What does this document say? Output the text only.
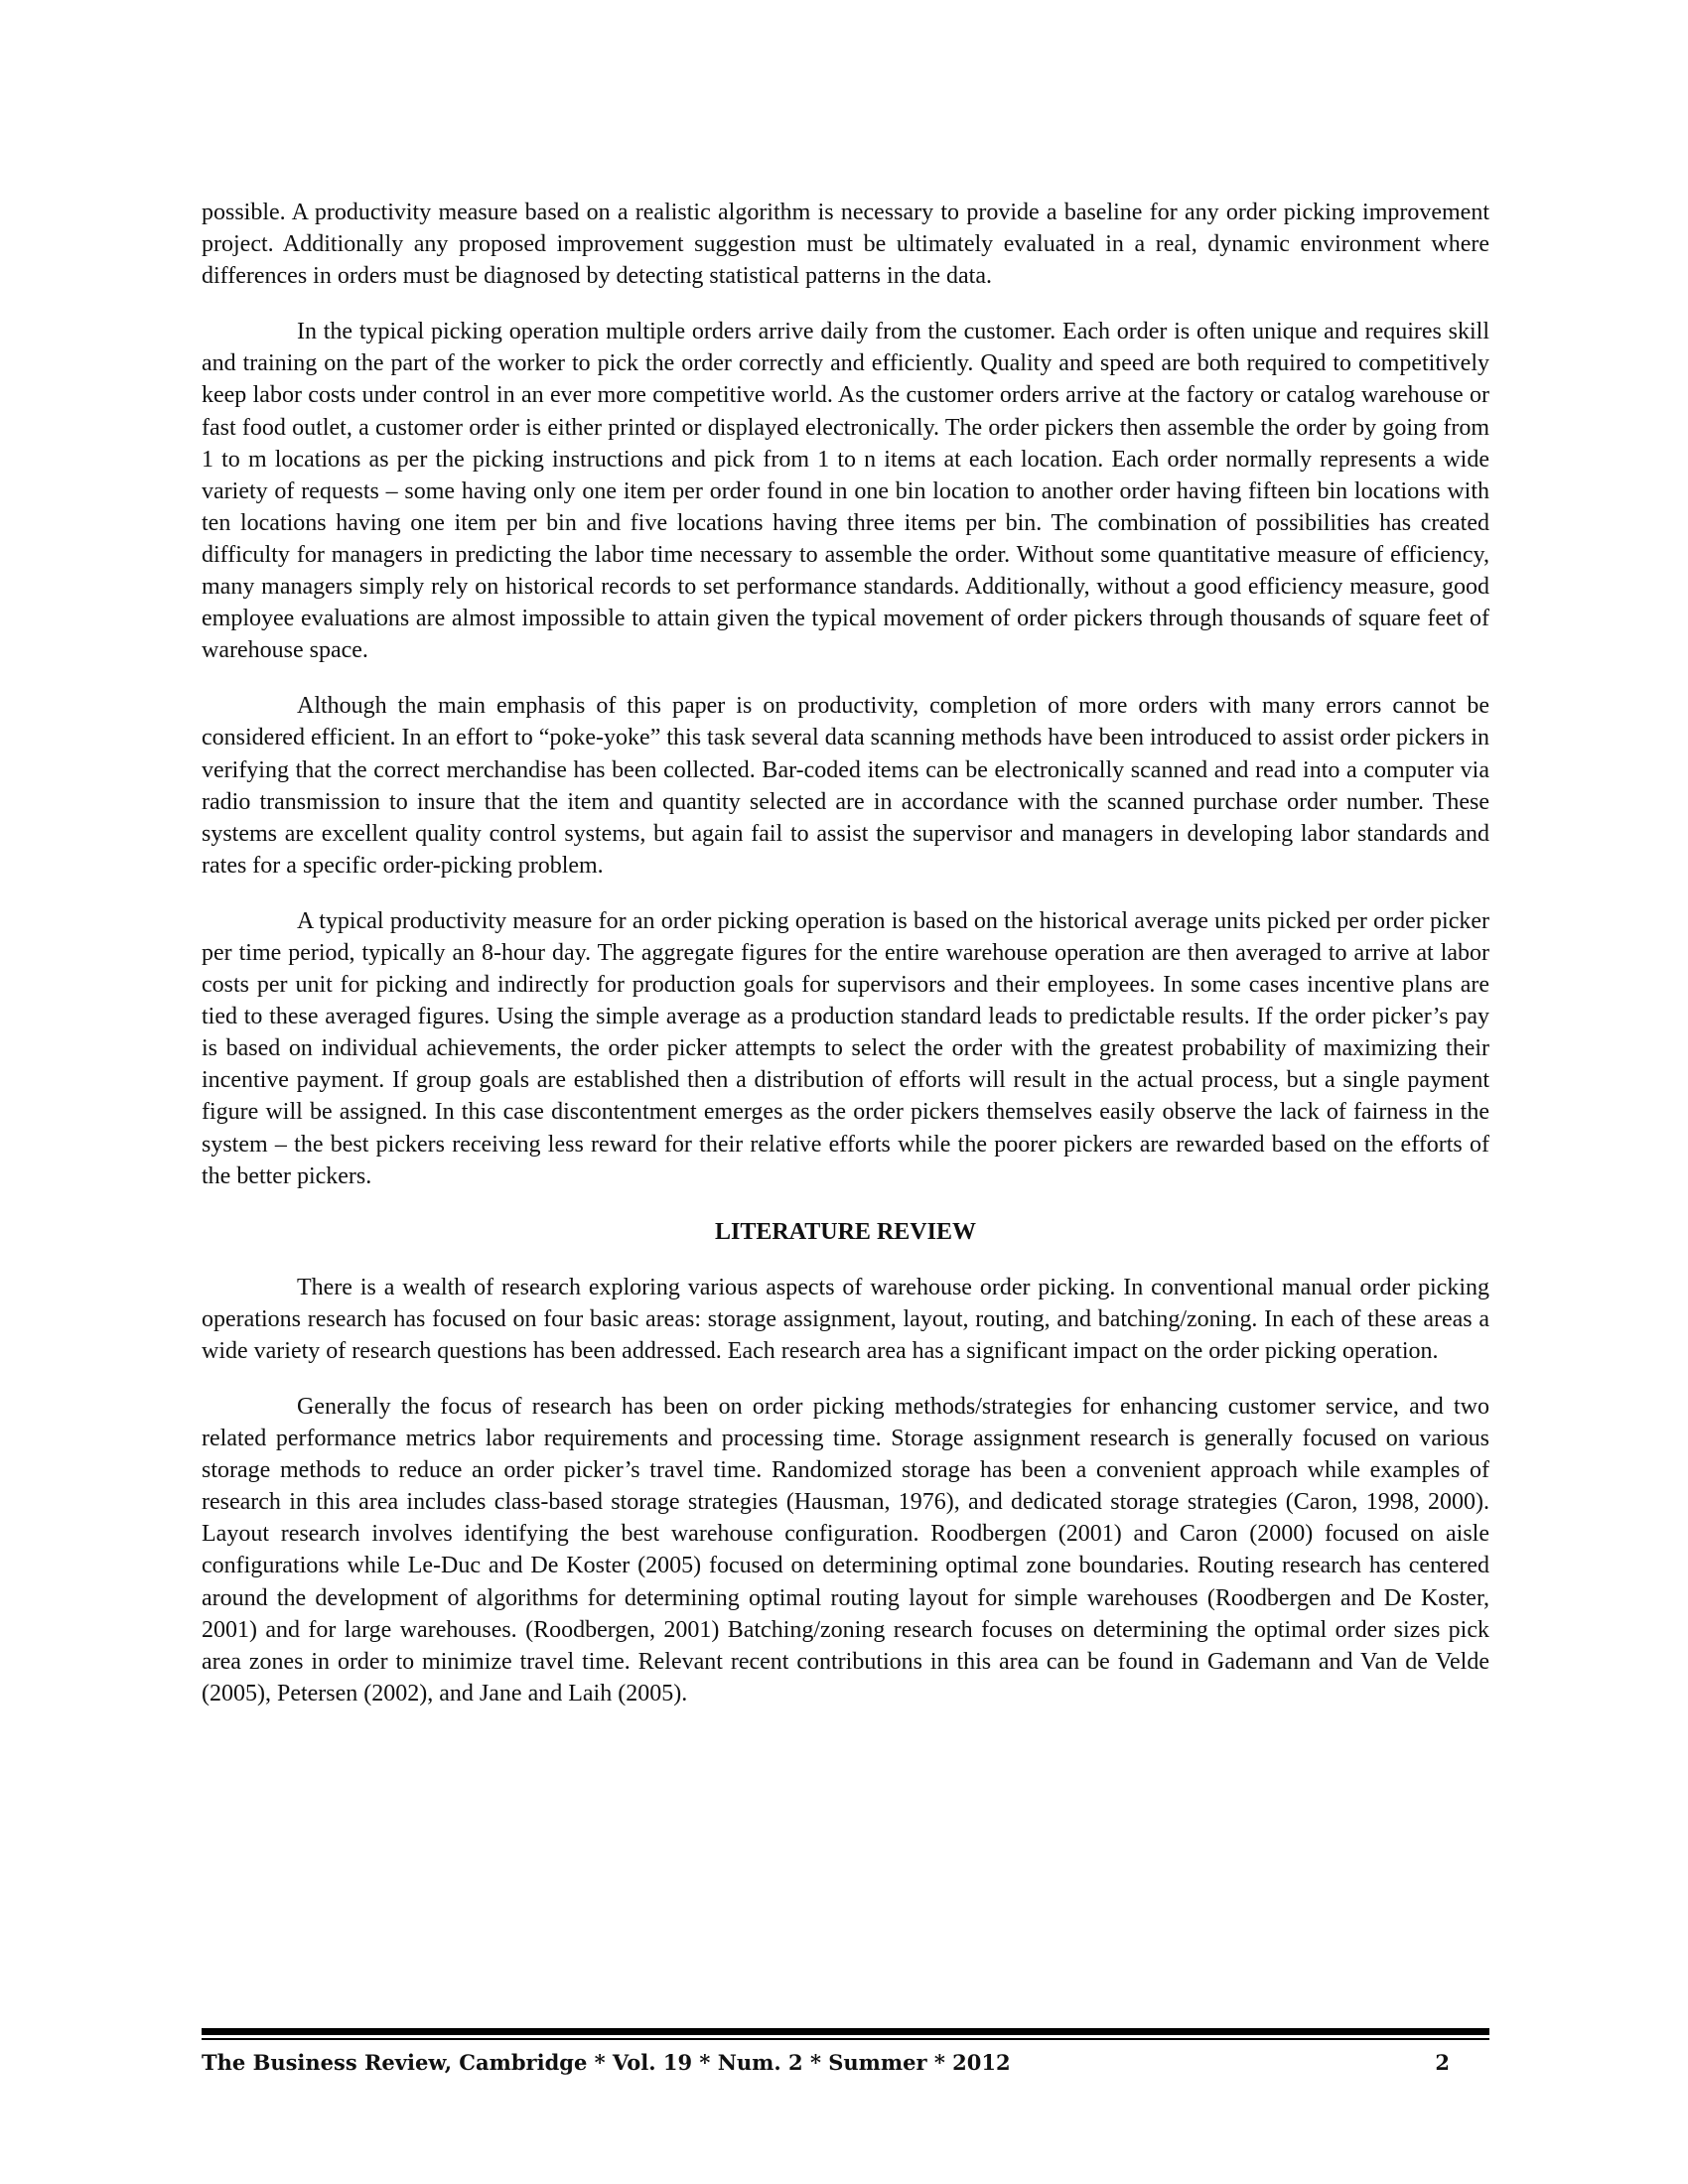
possible. A productivity measure based on a realistic algorithm is necessary to provide a baseline for any order picking improvement project. Additionally any proposed improvement suggestion must be ultimately evaluated in a real, dynamic environment where differences in orders must be diagnosed by detecting statistical patterns in the data.

In the typical picking operation multiple orders arrive daily from the customer. Each order is often unique and requires skill and training on the part of the worker to pick the order correctly and efficiently. Quality and speed are both required to competitively keep labor costs under control in an ever more competitive world. As the customer orders arrive at the factory or catalog warehouse or fast food outlet, a customer order is either printed or displayed electronically. The order pickers then assemble the order by going from 1 to m locations as per the picking instructions and pick from 1 to n items at each location. Each order normally represents a wide variety of requests – some having only one item per order found in one bin location to another order having fifteen bin locations with ten locations having one item per bin and five locations having three items per bin. The combination of possibilities has created difficulty for managers in predicting the labor time necessary to assemble the order. Without some quantitative measure of efficiency, many managers simply rely on historical records to set performance standards. Additionally, without a good efficiency measure, good employee evaluations are almost impossible to attain given the typical movement of order pickers through thousands of square feet of warehouse space.

Although the main emphasis of this paper is on productivity, completion of more orders with many errors cannot be considered efficient. In an effort to “poke-yoke” this task several data scanning methods have been introduced to assist order pickers in verifying that the correct merchandise has been collected. Bar-coded items can be electronically scanned and read into a computer via radio transmission to insure that the item and quantity selected are in accordance with the scanned purchase order number. These systems are excellent quality control systems, but again fail to assist the supervisor and managers in developing labor standards and rates for a specific order-picking problem.

A typical productivity measure for an order picking operation is based on the historical average units picked per order picker per time period, typically an 8-hour day. The aggregate figures for the entire warehouse operation are then averaged to arrive at labor costs per unit for picking and indirectly for production goals for supervisors and their employees. In some cases incentive plans are tied to these averaged figures. Using the simple average as a production standard leads to predictable results. If the order picker’s pay is based on individual achievements, the order picker attempts to select the order with the greatest probability of maximizing their incentive payment. If group goals are established then a distribution of efforts will result in the actual process, but a single payment figure will be assigned. In this case discontentment emerges as the order pickers themselves easily observe the lack of fairness in the system – the best pickers receiving less reward for their relative efforts while the poorer pickers are rewarded based on the efforts of the better pickers.

LITERATURE REVIEW

There is a wealth of research exploring various aspects of warehouse order picking. In conventional manual order picking operations research has focused on four basic areas: storage assignment, layout, routing, and batching/zoning. In each of these areas a wide variety of research questions has been addressed. Each research area has a significant impact on the order picking operation.

Generally the focus of research has been on order picking methods/strategies for enhancing customer service, and two related performance metrics labor requirements and processing time. Storage assignment research is generally focused on various storage methods to reduce an order picker’s travel time. Randomized storage has been a convenient approach while examples of research in this area includes class-based storage strategies (Hausman, 1976), and dedicated storage strategies (Caron, 1998, 2000). Layout research involves identifying the best warehouse configuration. Roodbergen (2001) and Caron (2000) focused on aisle configurations while Le-Duc and De Koster (2005) focused on determining optimal zone boundaries. Routing research has centered around the development of algorithms for determining optimal routing layout for simple warehouses (Roodbergen and De Koster, 2001) and for large warehouses. (Roodbergen, 2001) Batching/zoning research focuses on determining the optimal order sizes pick area zones in order to minimize travel time. Relevant recent contributions in this area can be found in Gademann and Van de Velde (2005), Petersen (2002), and Jane and Laih (2005).

The Business Review, Cambridge * Vol. 19 * Num. 2 * Summer * 2012	2
